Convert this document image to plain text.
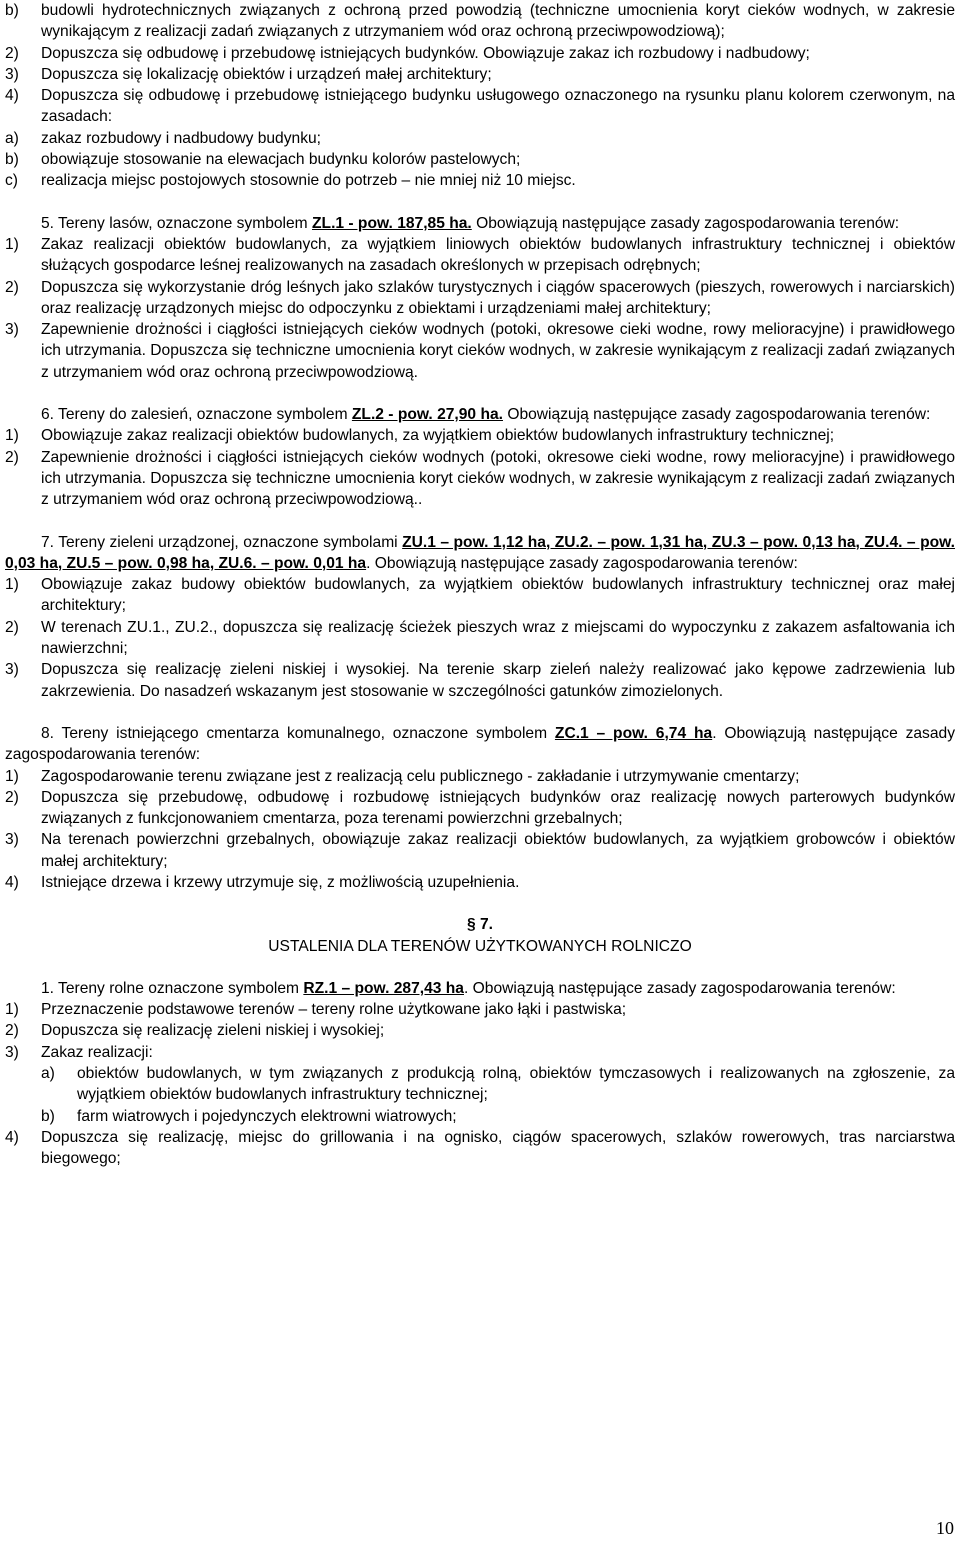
b) budowli hydrotechnicznych związanych z ochroną przed powodzią (techniczne umocnienia koryt cieków wodnych, w zakresie wynikającym z realizacji zadań związanych z utrzymaniem wód oraz ochroną przeciwpowodziową);
2) Dopuszcza się odbudowę i przebudowę istniejących budynków. Obowiązuje zakaz ich rozbudowy i nadbudowy;
3) Dopuszcza się lokalizację obiektów i urządzeń małej architektury;
4) Dopuszcza się odbudowę i przebudowę istniejącego budynku usługowego oznaczonego na rysunku planu kolorem czerwonym, na zasadach:
a) zakaz rozbudowy i nadbudowy budynku;
b) obowiązuje stosowanie na elewacjach budynku kolorów pastelowych;
c) realizacja miejsc postojowych stosownie do potrzeb – nie mniej niż 10 miejsc.

5. Tereny lasów, oznaczone symbolem ZL.1 - pow. 187,85 ha. Obowiązują następujące zasady zagospodarowania terenów:

1) Zakaz realizacji obiektów budowlanych, za wyjątkiem liniowych obiektów budowlanych infrastruktury technicznej i obiektów służących gospodarce leśnej realizowanych na zasadach określonych w przepisach odrębnych;
2) Dopuszcza się wykorzystanie dróg leśnych jako szlaków turystycznych i ciągów spacerowych (pieszych, rowerowych i narciarskich) oraz realizację urządzonych miejsc do odpoczynku z obiektami i urządzeniami małej architektury;
3) Zapewnienie drożności i ciągłości istniejących cieków wodnych (potoki, okresowe cieki wodne, rowy melioracyjne) i prawidłowego ich utrzymania. Dopuszcza się techniczne umocnienia koryt cieków wodnych, w zakresie wynikającym z realizacji zadań związanych z utrzymaniem wód oraz ochroną przeciwpowodziową.

6. Tereny do zalesień, oznaczone symbolem ZL.2 - pow. 27,90 ha. Obowiązują następujące zasady zagospodarowania terenów:

1) Obowiązuje zakaz realizacji obiektów budowlanych, za wyjątkiem obiektów budowlanych infrastruktury technicznej;
2) Zapewnienie drożności i ciągłości istniejących cieków wodnych (potoki, okresowe cieki wodne, rowy melioracyjne) i prawidłowego ich utrzymania. Dopuszcza się techniczne umocnienia koryt cieków wodnych, w zakresie wynikającym z realizacji zadań związanych z utrzymaniem wód oraz ochroną przeciwpowodziową..

7. Tereny zieleni urządzonej, oznaczone symbolami ZU.1 – pow. 1,12 ha, ZU.2. – pow. 1,31 ha, ZU.3 – pow. 0,13 ha, ZU.4. – pow. 0,03 ha, ZU.5 – pow. 0,98 ha, ZU.6. – pow. 0,01 ha. Obowiązują następujące zasady zagospodarowania terenów:

1) Obowiązuje zakaz budowy obiektów budowlanych, za wyjątkiem obiektów budowlanych infrastruktury technicznej oraz małej architektury;
2) W terenach ZU.1., ZU.2., dopuszcza się realizację ścieżek pieszych wraz z miejscami do wypoczynku z zakazem asfaltowania ich nawierzchni;
3) Dopuszcza się realizację zieleni niskiej i wysokiej. Na terenie skarp zieleń należy realizować jako kępowe zadrzewienia lub zakrzewienia. Do nasadzeń wskazanym jest stosowanie w szczególności gatunków zimozielonych.

8. Tereny istniejącego cmentarza komunalnego, oznaczone symbolem ZC.1 – pow. 6,74 ha. Obowiązują następujące zasady zagospodarowania terenów:

1) Zagospodarowanie terenu związane jest z realizacją celu publicznego - zakładanie i utrzymywanie cmentarzy;
2) Dopuszcza się przebudowę, odbudowę i rozbudowę istniejących budynków oraz realizację nowych parterowych budynków związanych z funkcjonowaniem cmentarza, poza terenami powierzchni grzebalnych;
3) Na terenach powierzchni grzebalnych, obowiązuje zakaz realizacji obiektów budowlanych, za wyjątkiem grobowców i obiektów małej architektury;
4) Istniejące drzewa i krzewy utrzymuje się, z możliwością uzupełnienia.

§ 7.

USTALENIA DLA TERENÓW UŻYTKOWANYCH ROLNICZO

1. Tereny rolne oznaczone symbolem RZ.1 – pow. 287,43 ha. Obowiązują następujące zasady zagospodarowania terenów:

1) Przeznaczenie podstawowe terenów – tereny rolne użytkowane jako łąki i pastwiska;
2) Dopuszcza się realizację zieleni niskiej i wysokiej;
3) Zakaz realizacji:
a) obiektów budowlanych, w tym związanych z produkcją rolną, obiektów tymczasowych i realizowanych na zgłoszenie, za wyjątkiem obiektów budowlanych infrastruktury technicznej;
b) farm wiatrowych i pojedynczych elektrowni wiatrowych;
4) Dopuszcza się realizację, miejsc do grillowania i na ognisko, ciągów spacerowych, szlaków rowerowych, tras narciarstwa biegowego;
10
